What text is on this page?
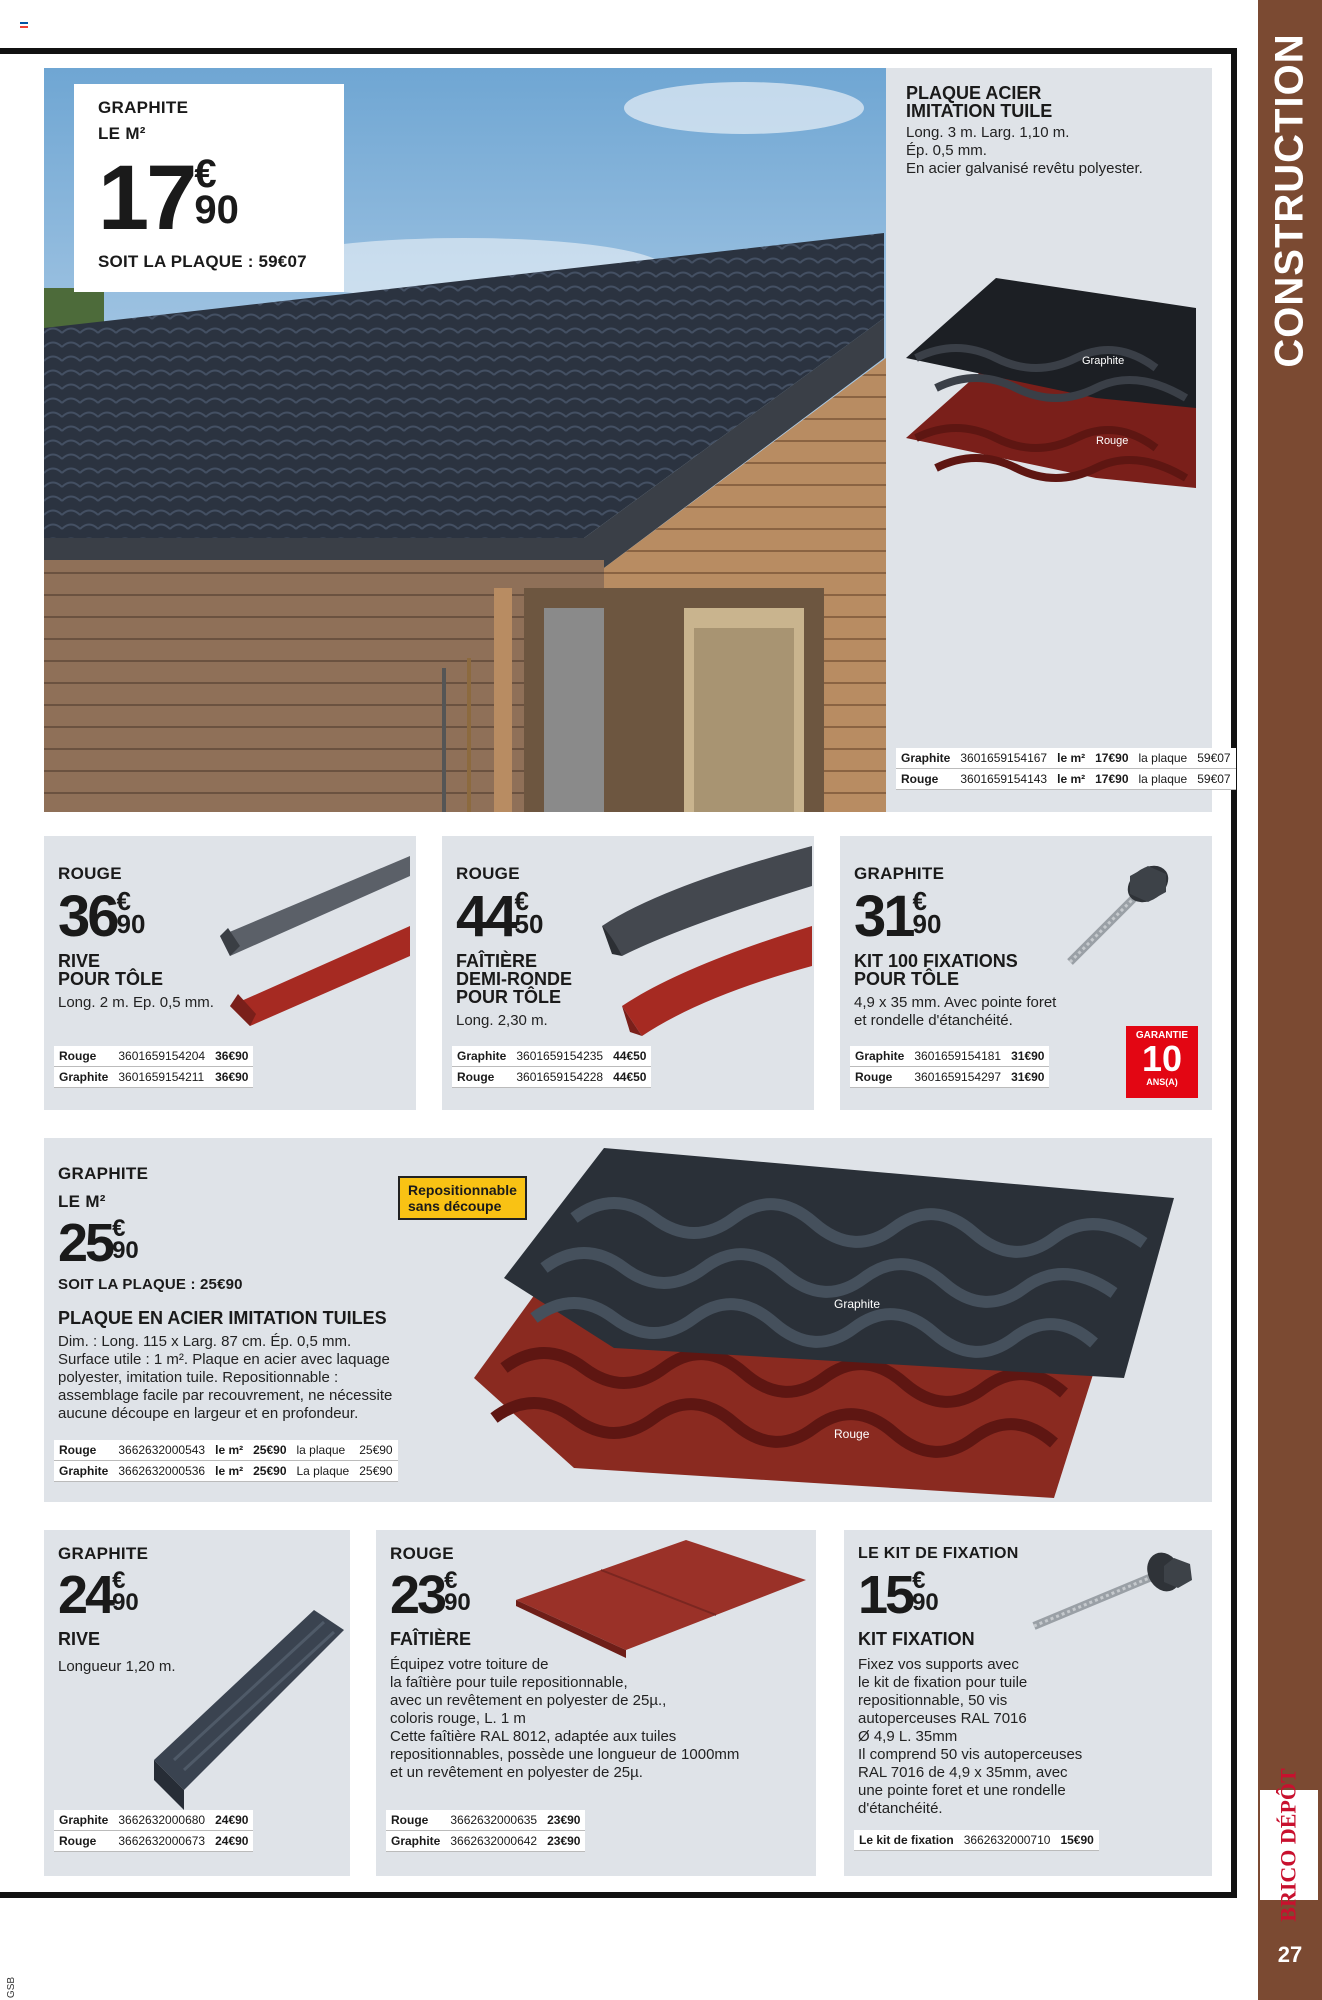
CONSTRUCTION
BRICO DÉPÔT
27
GSB
GRAPHITE
LE M²
17 €
90
SOIT LA PLAQUE : 59€07
PLAQUE ACIER
IMITATION TUILE
Long. 3 m. Larg. 1,10 m.
Ép. 0,5 mm.
En acier galvanisé revêtu polyester.
Graphite
Rouge
Graphite	3601659154167	le m²	17€90	la plaque	59€07
Rouge	3601659154143	le m²	17€90	la plaque	59€07
ROUGE
36 €
90
RIVE
POUR TÔLE
Long. 2 m. Ep. 0,5 mm.
Rouge	3601659154204	36€90
Graphite	3601659154211	36€90
ROUGE
44 €
50
FAÎTIÈRE
DEMI-RONDE
POUR TÔLE
Long. 2,30 m.
Graphite	3601659154235	44€50
Rouge	3601659154228	44€50
GRAPHITE
31 €
90
KIT 100 FIXATIONS
POUR TÔLE
4,9 x 35 mm. Avec pointe foret
et rondelle d'étanchéité.
GARANTIE
10
ANS(A)
Graphite	3601659154181	31€90
Rouge	3601659154297	31€90
GRAPHITE
LE M²
25 €
90
SOIT LA PLAQUE : 25€90
PLAQUE EN ACIER IMITATION TUILES
Dim. : Long. 115 x Larg. 87 cm. Ép. 0,5 mm.
Surface utile : 1 m². Plaque en acier avec laquage
polyester, imitation tuile. Repositionnable :
assemblage facile par recouvrement, ne nécessite
aucune découpe en largeur et en profondeur.
Repositionnable
sans découpe
Graphite
Rouge
Rouge	3662632000543	le m²	25€90	la plaque	25€90
Graphite	3662632000536	le m²	25€90	La plaque	25€90
GRAPHITE
24 €
90
RIVE
Longueur 1,20 m.
Graphite	3662632000680	24€90
Rouge	3662632000673	24€90
ROUGE
23 €
90
FAÎTIÈRE
Équipez votre toiture de
la faîtière pour tuile repositionnable,
avec un revêtement en polyester de 25µ.,
coloris rouge, L. 1 m
Cette faîtière RAL 8012, adaptée aux tuiles
repositionnables, possède une longueur de 1000mm
et un revêtement en polyester de 25µ.
Rouge	3662632000635	23€90
Graphite	3662632000642	23€90
LE KIT DE FIXATION
15 €
90
KIT FIXATION
Fixez vos supports avec
le kit de fixation pour tuile
repositionnable, 50 vis
autoperceuses RAL 7016
Ø 4,9 L. 35mm
Il comprend 50 vis autoperceuses
RAL 7016 de 4,9 x 35mm, avec
une pointe foret et une rondelle
d'étanchéité.
Le kit de fixation	3662632000710	15€90
